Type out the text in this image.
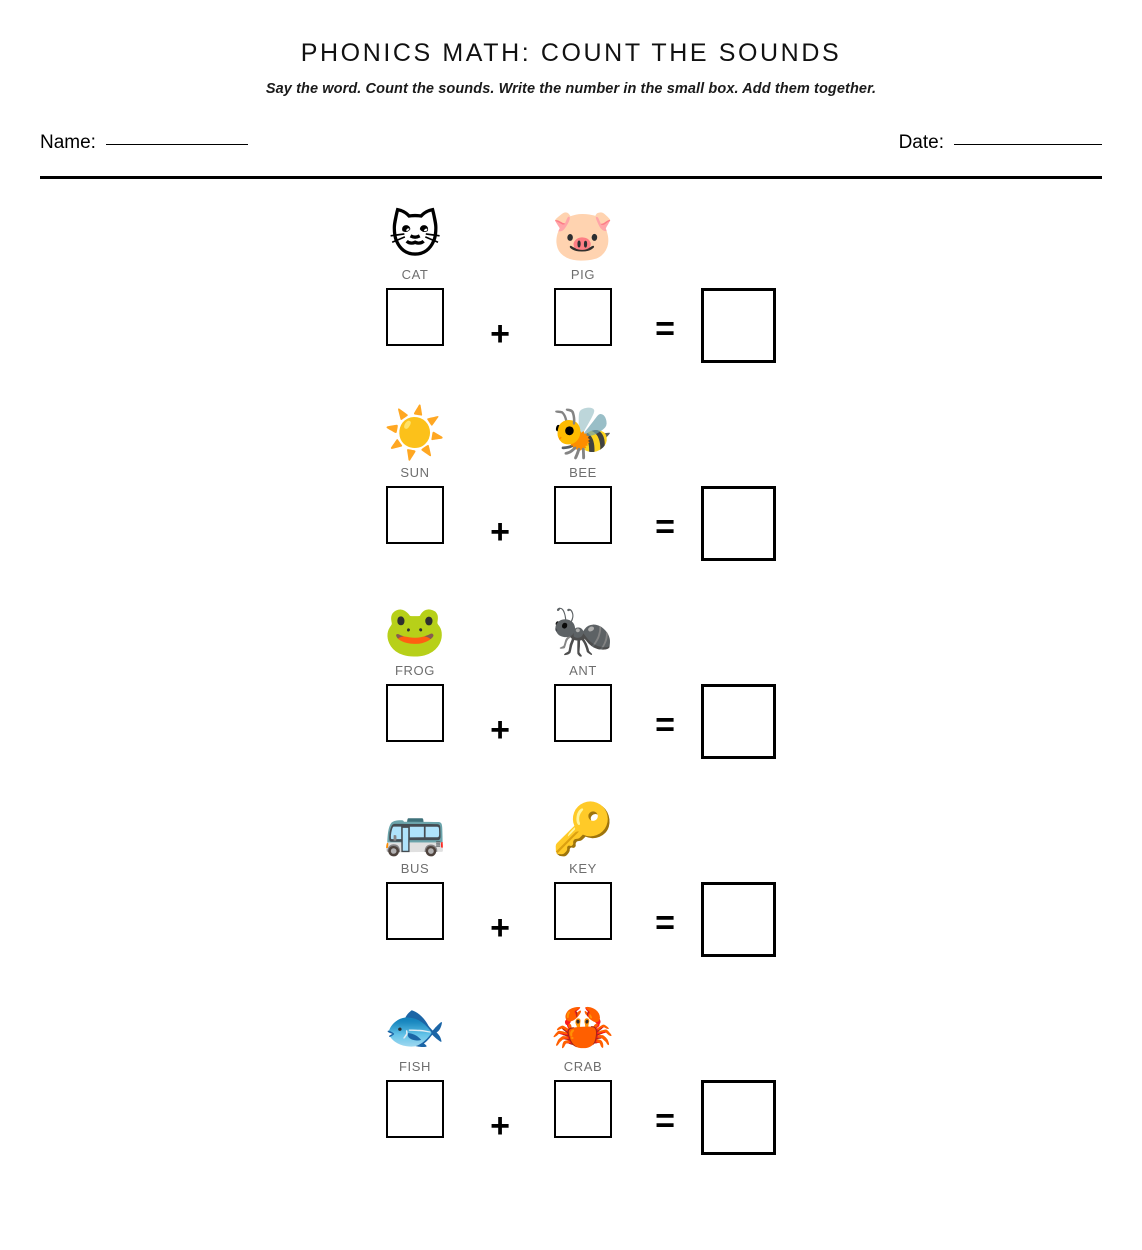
PHONICS MATH: COUNT THE SOUNDS

Say the word. Count the sounds. Write the number in the small box. Add them together.

Name:	Date:
🐱
CAT
+
🐷
PIG
=
☀️
SUN
+
🐝
BEE
=
🐸
FROG
+
🐜
ANT
=
🚌
BUS
+
🔑
KEY
=
🐟
FISH
+
🦀
CRAB
=
